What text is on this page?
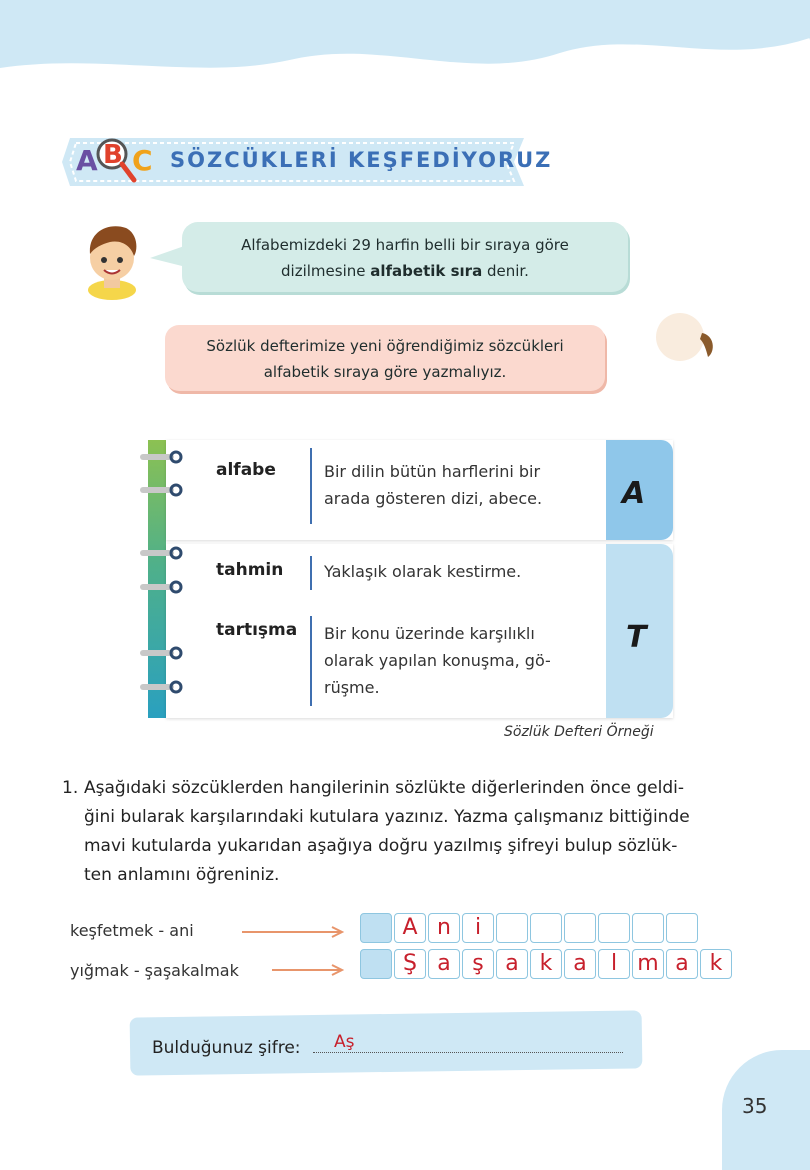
A B C SÖZCÜKLERİ KEŞFEDİYORUZ

Alfabemizdeki 29 harfin belli bir sıraya göre
dizilmesine alfabetik sıra denir.

Sözlük defterimize yeni öğrendiğimiz sözcükleri
alfabetik sıraya göre yazmalıyız.

A
T
alfabe	Bir dilin bütün harflerini bir
arada gösteren dizi, abece.
tahmin	Yaklaşık olarak kestirme.
tartışma Bir konu üzerinde karşılıklı
olarak yapılan konuşma, gö-
rüşme.
Sözlük Defteri Örneği
1. Aşağıdaki sözcüklerden hangilerinin sözlükte diğerlerinden önce geldi-
ğini bularak karşılarındaki kutulara yazınız. Yazma çalışmanız bittiğinde
mavi kutularda yukarıdan aşağıya doğru yazılmış şifreyi bulup sözlük-
ten anlamını öğreniniz.
keşfetmek - ani	A n	i
yığmak - şaşakalmak	Ş a ş a k a	l m a k
Bulduğunuz şifre: Aş
35
